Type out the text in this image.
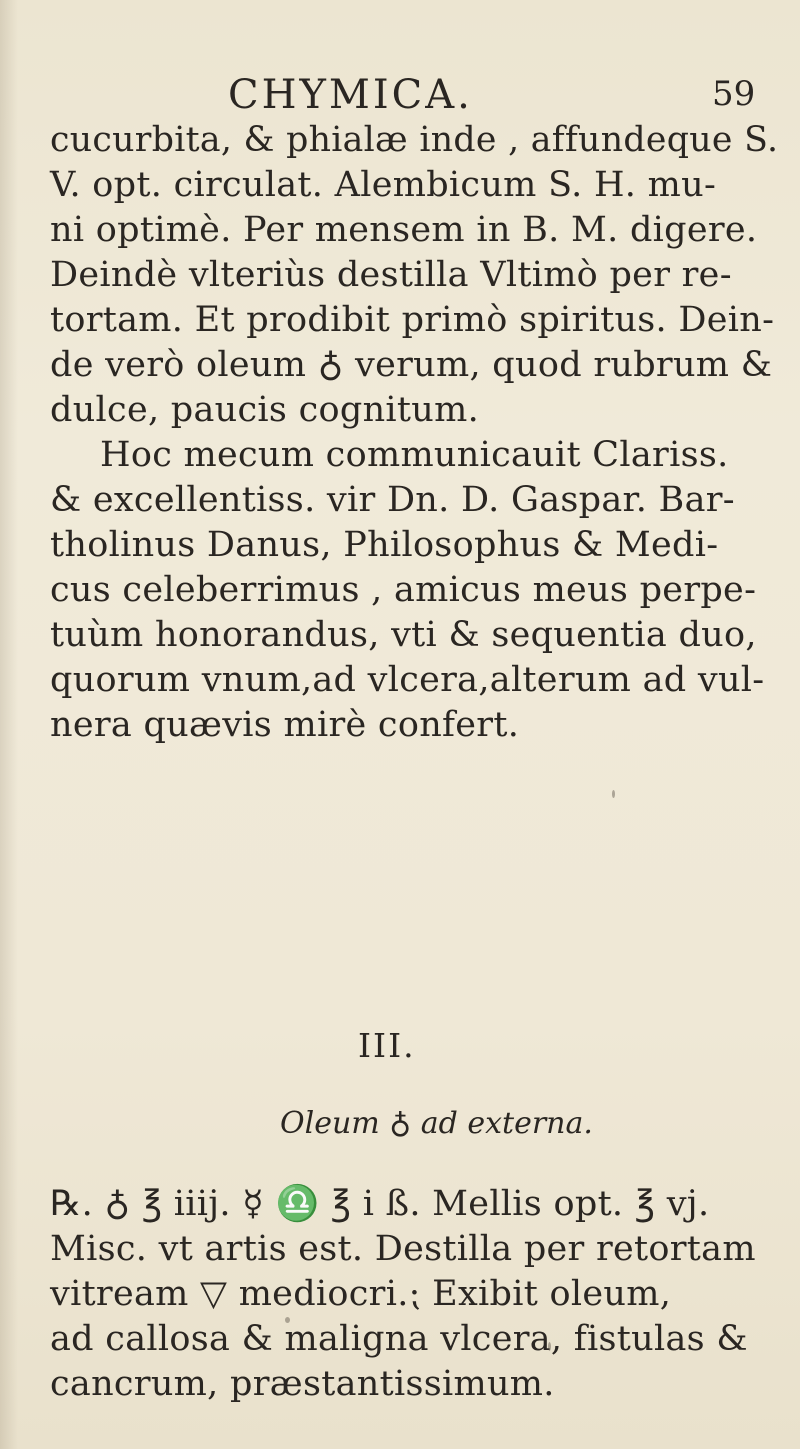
CHYMICA.	59
cucurbita, & phialæ inde , affundeque S.
V. opt. circulat. Alembicum S. H. mu-
ni optimè. Per mensem in B. M. digere.
Deindè vlteriùs destilla Vltimò per re-
tortam. Et prodibit primò spiritus. Dein-
de verò oleum ♁ verum, quod rubrum &
dulce, paucis cognitum.
Hoc mecum communicauit Clariss.
& excellentiss. vir Dn. D. Gaspar. Bar-
tholinus Danus, Philosophus & Medi-
cus celeberrimus , amicus meus perpe-
tuùm honorandus, vti & sequentia duo,
quorum vnum,ad vlcera,alterum ad vul-
nera quævis mirè confert.
III.
Oleum ♁ ad externa.
℞. ♁ ℥ iiij. ☿ ♎ ℥ i ß. Mellis opt. ℥ vj.
Misc. vt artis est. Destilla per retortam
vitream ▽ mediocri.⁏ Exibit oleum,
ad callosa & maligna vlcera, fistulas &
cancrum, præstantissimum.
